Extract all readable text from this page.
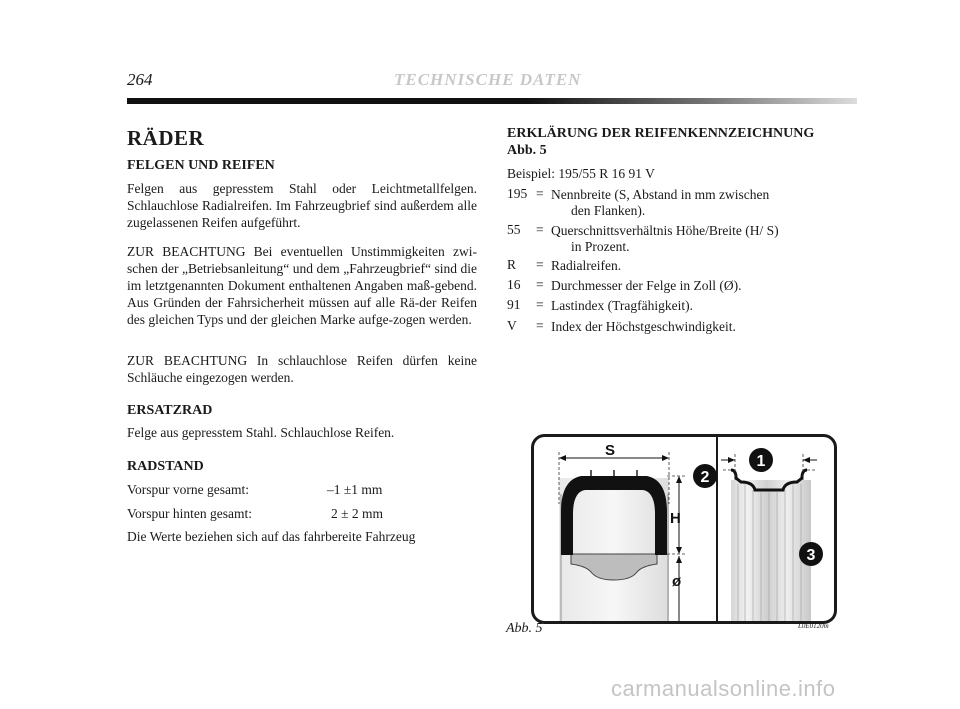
264	TECHNISCHE DATEN
RÄDER
FELGEN UND REIFEN
Felgen aus gepresstem Stahl oder Leichtmetallfelgen. Schlauchlose Radialreifen. Im Fahrzeugbrief sind außerdem alle zugelassenen Reifen aufgeführt.
ZUR BEACHTUNG Bei eventuellen Unstimmigkeiten zwi-schen der „Betriebsanleitung“ und dem „Fahrzeugbrief“ sind die im letztgenannten Dokument enthaltenen Angaben maß-gebend. Aus Gründen der Fahrsicherheit müssen auf alle Rä-der Reifen des gleichen Typs und der gleichen Marke aufge-zogen werden.
ZUR BEACHTUNG In schlauchlose Reifen dürfen keine Schläuche eingezogen werden.
ERSATZRAD
Felge aus gepresstem Stahl. Schlauchlose Reifen.
RADSTAND
Vorspur vorne gesamt:	–1 ±1 mm
Vorspur hinten gesamt:	2 ± 2 mm
Die Werte beziehen sich auf das fahrbereite Fahrzeug
ERKLÄRUNG DER REIFENKENNZEICHNUNG
Abb. 5
Beispiel: 195/55 R 16 91 V
195 = Nennbreite (S, Abstand in mm zwischen
den Flanken).
55 = Querschnittsverhältnis Höhe/Breite (H/ S)
in Prozent.
R = Radialreifen.
16 = Durchmesser der Felge in Zoll (Ø).
91 = Lastindex (Tragfähigkeit).
V = Index der Höchstgeschwindigkeit.
S
H
ø
1
2
3
Abb. 5	L0E0120m
carmanualsonline.info
